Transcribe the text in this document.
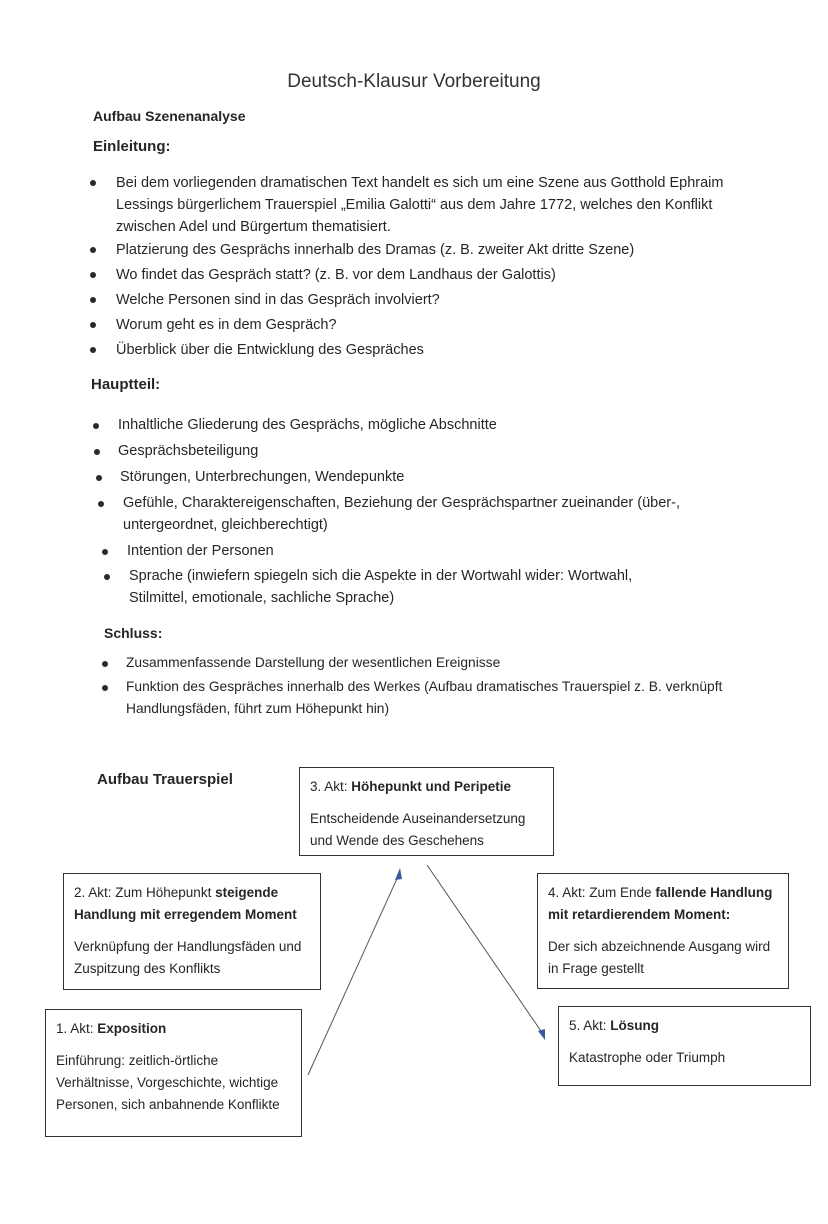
Deutsch-Klausur Vorbereitung
Aufbau Szenenanalyse
Einleitung:
Bei dem vorliegenden dramatischen Text handelt es sich um eine Szene aus Gotthold Ephraim Lessings bürgerlichem Trauerspiel „Emilia Galotti“ aus dem Jahre 1772, welches den Konflikt zwischen Adel und Bürgertum thematisiert.
Platzierung des Gesprächs innerhalb des Dramas (z. B. zweiter Akt dritte Szene)
Wo findet das Gespräch statt? (z. B. vor dem Landhaus der Galottis)
Welche Personen sind in das Gespräch involviert?
Worum geht es in dem Gespräch?
Überblick über die Entwicklung des Gespräches
Hauptteil:
Inhaltliche Gliederung des Gesprächs, mögliche Abschnitte
Gesprächsbeteiligung
Störungen, Unterbrechungen, Wendepunkte
Gefühle, Charaktereigenschaften, Beziehung der Gesprächspartner zueinander (über-, untergeordnet, gleichberechtigt)
Intention der Personen
Sprache (inwiefern spiegeln sich die Aspekte in der Wortwahl wider: Wortwahl, Stilmittel, emotionale, sachliche Sprache)
Schluss:
Zusammenfassende Darstellung der wesentlichen Ereignisse
Funktion des Gespräches innerhalb des Werkes (Aufbau dramatisches Trauerspiel z. B. verknüpft Handlungsfäden, führt zum Höhepunkt hin)
Aufbau Trauerspiel	3. Akt: Höhepunkt und Peripetie
Entscheidende Auseinandersetzung und Wende des Geschehens
2. Akt: Zum Höhepunkt steigende Handlung mit erregendem Moment
Verknüpfung der Handlungsfäden und Zuspitzung des Konflikts
4. Akt: Zum Ende fallende Handlung mit retardierendem Moment:
Der sich abzeichnende Ausgang wird in Frage gestellt
1. Akt: Exposition
Einführung: zeitlich-örtliche Verhältnisse, Vorgeschichte, wichtige Personen, sich anbahnende Konflikte
5. Akt: Lösung
Katastrophe oder Triumph
